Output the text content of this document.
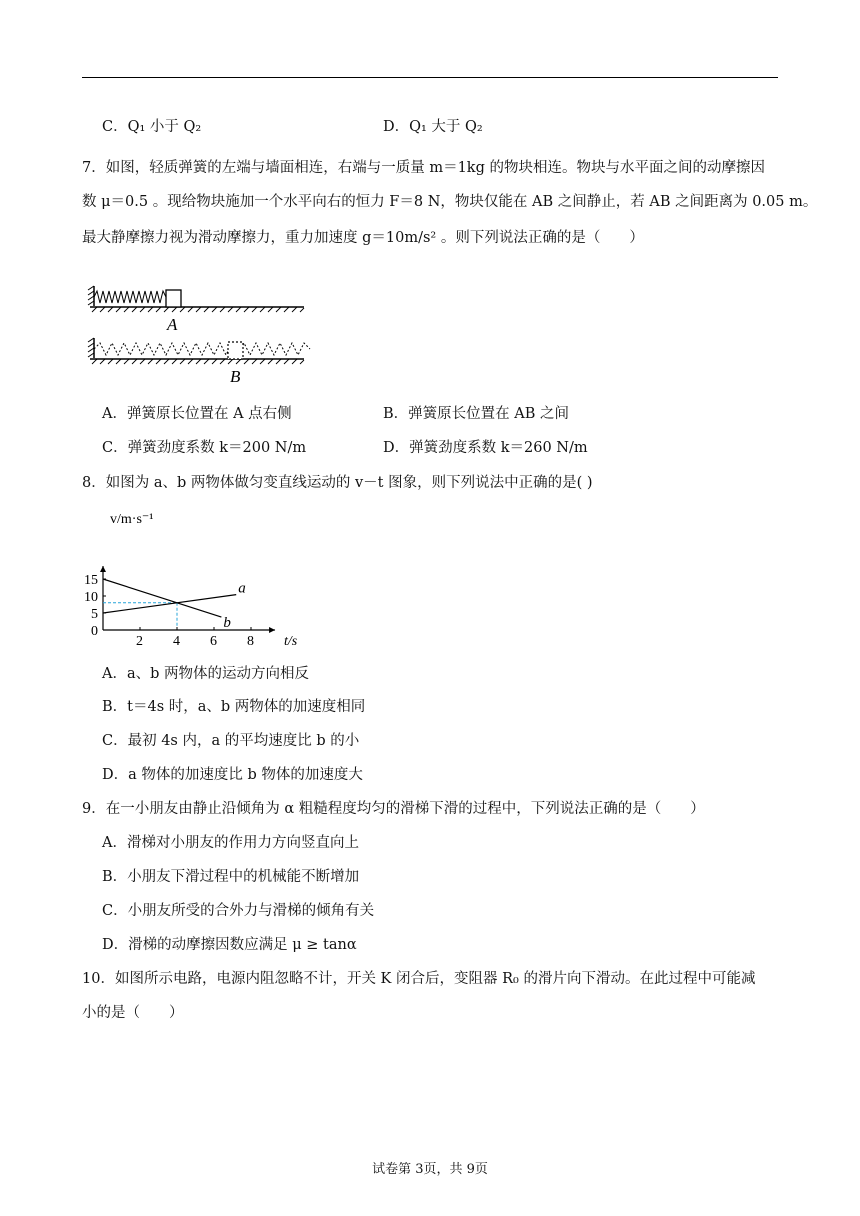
C．Q₁ 小于 Q₂	D．Q₁ 大于 Q₂
7．如图，轻质弹簧的左端与墙面相连，右端与一质量 m＝1kg 的物块相连。物块与水平面之间的动摩擦因
数 μ＝0.5 。现给物块施加一个水平向右的恒力 F＝8 N，物块仅能在 AB 之间静止，若 AB 之间距离为 0.05 m。
最大静摩擦力视为滑动摩擦力，重力加速度 g＝10m/s² 。则下列说法正确的是（　　）
A
B
A．弹簧原长位置在 A 点右侧	B．弹簧原长位置在 AB 之间
C．弹簧劲度系数 k＝200 N/m	D．弹簧劲度系数 k＝260 N/m
8．如图为 a、b 两物体做匀变直线运动的 v－t 图象，则下列说法中正确的是( )
a
b
2 4 6 8
0
5
10
15
v/m·s⁻¹
t/s
A．a、b 两物体的运动方向相反
B．t＝4s 时，a、b 两物体的加速度相同
C．最初 4s 内，a 的平均速度比 b 的小
D．a 物体的加速度比 b 物体的加速度大
9．在一小朋友由静止沿倾角为 α 粗糙程度均匀的滑梯下滑的过程中，下列说法正确的是（　　）
A．滑梯对小朋友的作用力方向竖直向上
B．小朋友下滑过程中的机械能不断增加
C．小朋友所受的合外力与滑梯的倾角有关
D．滑梯的动摩擦因数应满足 μ ≥ tanα
10．如图所示电路，电源内阻忽略不计，开关 K 闭合后，变阻器 R₀ 的滑片向下滑动。在此过程中可能减
小的是（　　）
试卷第 3页，共 9页
